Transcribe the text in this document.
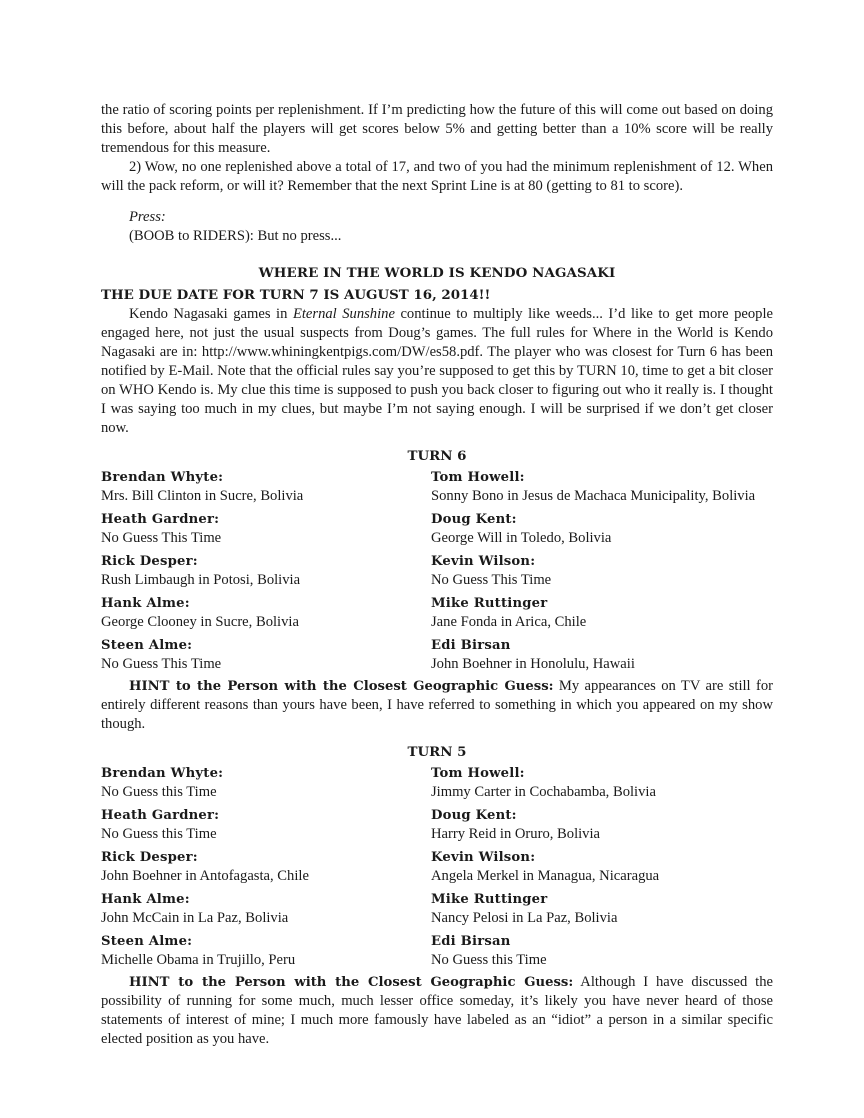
the ratio of scoring points per replenishment. If I’m predicting how the future of this will come out based on doing this before, about half the players will get scores below 5% and getting better than a 10% score will be really tremendous for this measure.

2) Wow, no one replenished above a total of 17, and two of you had the minimum replenishment of 12. When will the pack reform, or will it? Remember that the next Sprint Line is at 80 (getting to 81 to score).

Press:
(BOOB to RIDERS): But no press...
WHERE IN THE WORLD IS KENDO NAGASAKI
THE DUE DATE FOR TURN 7 IS AUGUST 16, 2014!!

Kendo Nagasaki games in Eternal Sunshine continue to multiply like weeds... I’d like to get more people engaged here, not just the usual suspects from Doug’s games. The full rules for Where in the World is Kendo Nagasaki are in: http://www.whiningkentpigs.com/DW/es58.pdf. The player who was closest for Turn 6 has been notified by E-Mail. Note that the official rules say you’re supposed to get this by TURN 10, time to get a bit closer on WHO Kendo is. My clue this time is supposed to push you back closer to figuring out who it really is. I thought I was saying too much in my clues, but maybe I’m not saying enough. I will be surprised if we don’t get closer now.

TURN 6
Brendan Whyte:
Mrs. Bill Clinton in Sucre, Bolivia
Tom Howell:
Sonny Bono in Jesus de Machaca Municipality, Bolivia
Heath Gardner:
No Guess This Time
Doug Kent:
George Will in Toledo, Bolivia
Rick Desper:
Rush Limbaugh in Potosi, Bolivia
Kevin Wilson:
No Guess This Time
Hank Alme:
George Clooney in Sucre, Bolivia
Mike Ruttinger
Jane Fonda in Arica, Chile
Steen Alme:
No Guess This Time
Edi Birsan
John Boehner in Honolulu, Hawaii

HINT to the Person with the Closest Geographic Guess: My appearances on TV are still for entirely different reasons than yours have been, I have referred to something in which you appeared on my show though.

TURN 5
Brendan Whyte:
No Guess this Time
Tom Howell:
Jimmy Carter in Cochabamba, Bolivia
Heath Gardner:
No Guess this Time
Doug Kent:
Harry Reid in Oruro, Bolivia
Rick Desper:
John Boehner in Antofagasta, Chile
Kevin Wilson:
Angela Merkel in Managua, Nicaragua
Hank Alme:
John McCain in La Paz, Bolivia
Mike Ruttinger
Nancy Pelosi in La Paz, Bolivia
Steen Alme:
Michelle Obama in Trujillo, Peru
Edi Birsan
No Guess this Time

HINT to the Person with the Closest Geographic Guess: Although I have discussed the possibility of running for some much, much lesser office someday, it’s likely you have never heard of those statements of interest of mine; I much more famously have labeled as an “idiot” a person in a similar specific elected position as you have.
